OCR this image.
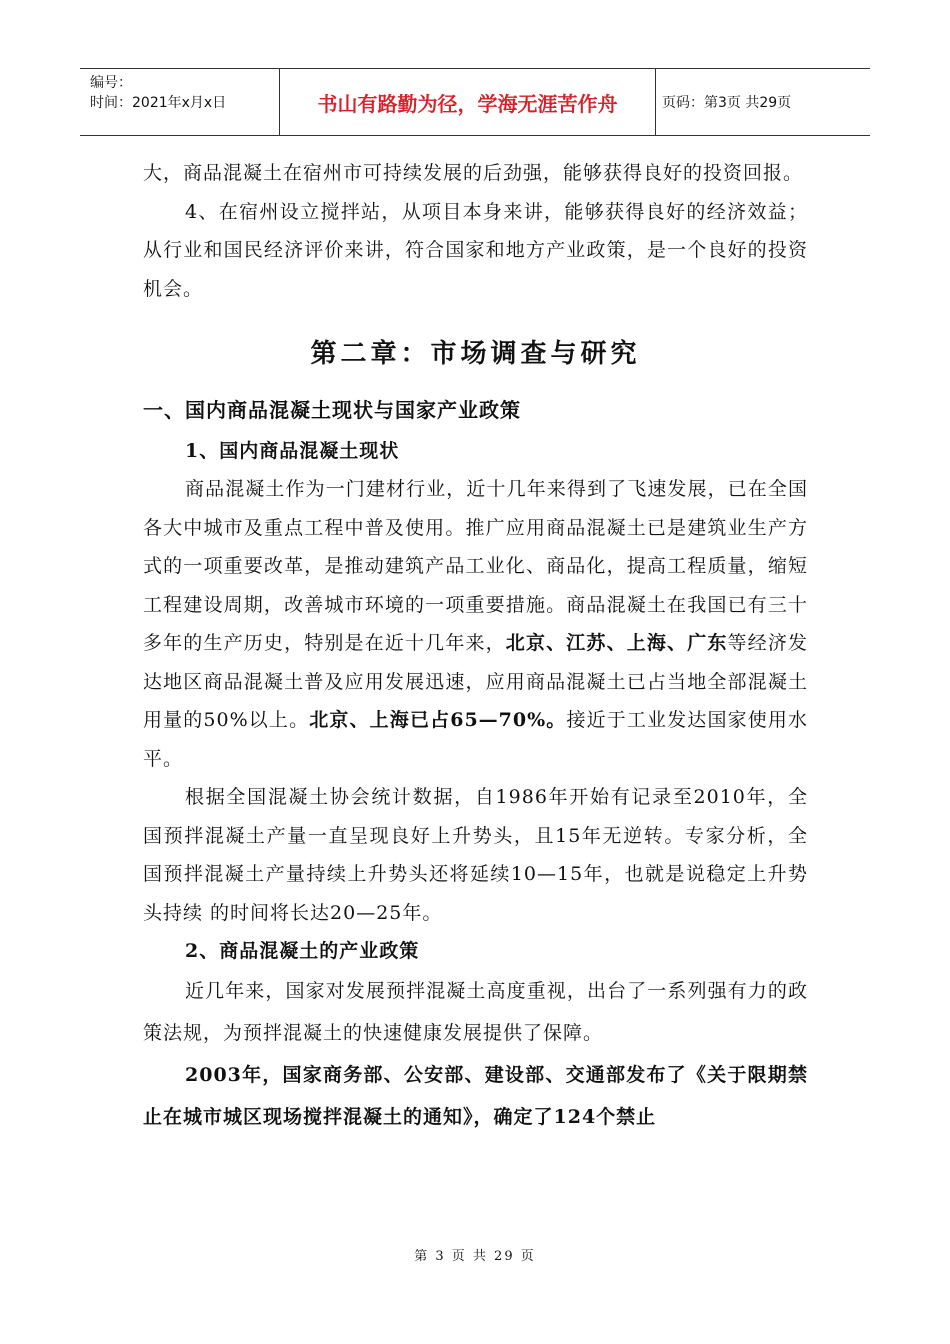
编号：
时间：2021年x月x日	书山有路勤为径，学海无涯苦作舟	页码：第3页 共29页

大，商品混凝土在宿州市可持续发展的后劲强，能够获得良好的投资回报。

4、在宿州设立搅拌站，从项目本身来讲，能够获得良好的经济效益；从行业和国民经济评价来讲，符合国家和地方产业政策，是一个良好的投资机会。

第二章：市场调查与研究
一、国内商品混凝土现状与国家产业政策
1、国内商品混凝土现状

商品混凝土作为一门建材行业，近十几年来得到了飞速发展，已在全国各大中城市及重点工程中普及使用。推广应用商品混凝土已是建筑业生产方式的一项重要改革，是推动建筑产品工业化、商品化，提高工程质量，缩短工程建设周期，改善城市环境的一项重要措施。商品混凝土在我国已有三十多年的生产历史，特别是在近十几年来，北京、江苏、上海、广东等经济发达地区商品混凝土普及应用发展迅速，应用商品混凝土已占当地全部混凝土用量的50%以上。北京、上海已占65—70%。接近于工业发达国家使用水平。

根据全国混凝土协会统计数据，自1986年开始有记录至2010年，全国预拌混凝土产量一直呈现良好上升势头，且15年无逆转。专家分析，全国预拌混凝土产量持续上升势头还将延续10—15年，也就是说稳定上升势头持续 的时间将长达20—25年。

2、商品混凝土的产业政策

近几年来，国家对发展预拌混凝土高度重视，出台了一系列强有力的政策法规，为预拌混凝土的快速健康发展提供了保障。

2003年，国家商务部、公安部、建设部、交通部发布了《关于限期禁止在城市城区现场搅拌混凝土的通知》，确定了124个禁止

第 3 页 共 29 页
